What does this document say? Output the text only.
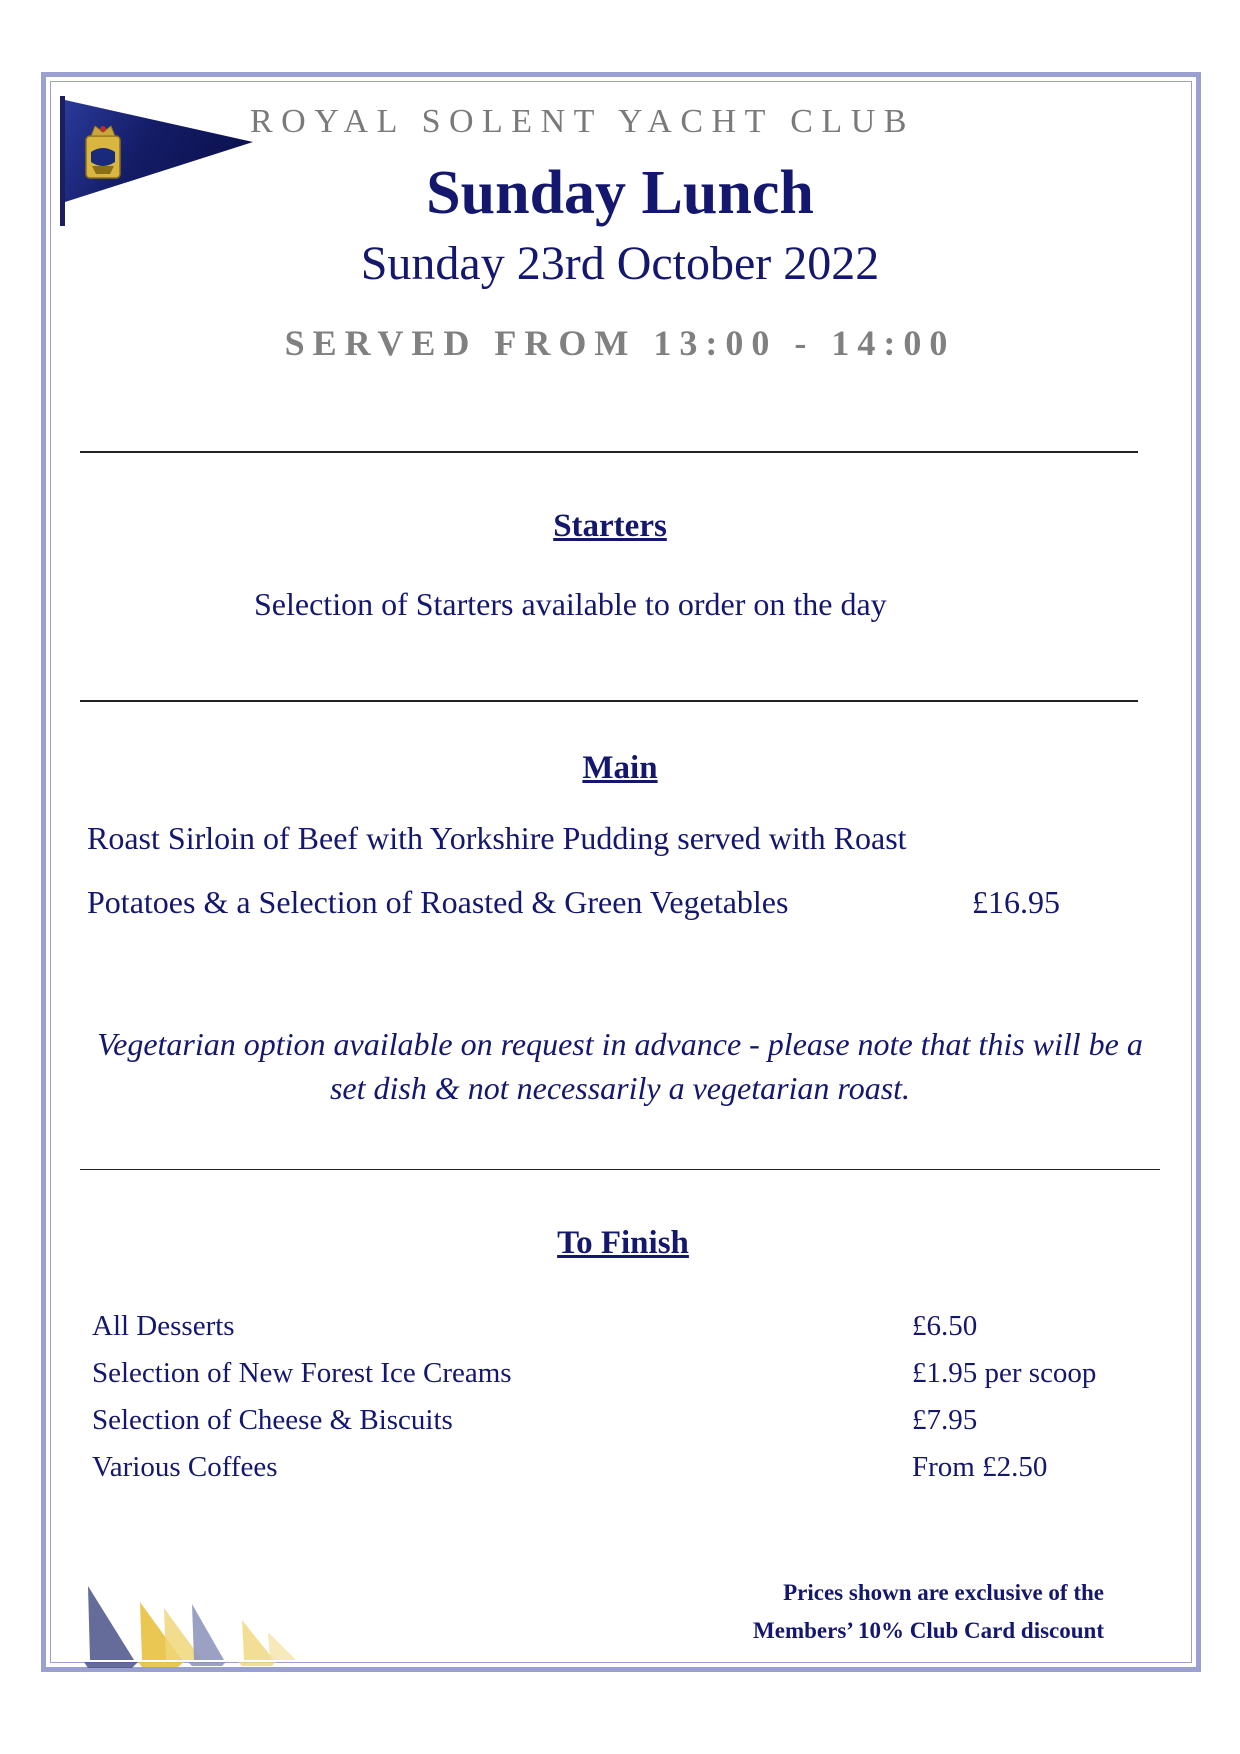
ROYAL SOLENT YACHT CLUB
Sunday Lunch
Sunday 23rd October 2022
SERVED FROM 13:00 - 14:00
Starters
Selection of Starters available to order on the day
Main
Roast Sirloin of Beef with Yorkshire Pudding served with Roast
Potatoes & a Selection of Roasted & Green Vegetables	£16.95
Vegetarian option available on request in advance - please note that this will be a set dish & not necessarily a vegetarian roast.
To Finish
All Desserts	£6.50
Selection of New Forest Ice Creams	£1.95 per scoop
Selection of Cheese & Biscuits	£7.95
Various Coffees	From £2.50
Prices shown are exclusive of the
Members’ 10% Club Card discount
